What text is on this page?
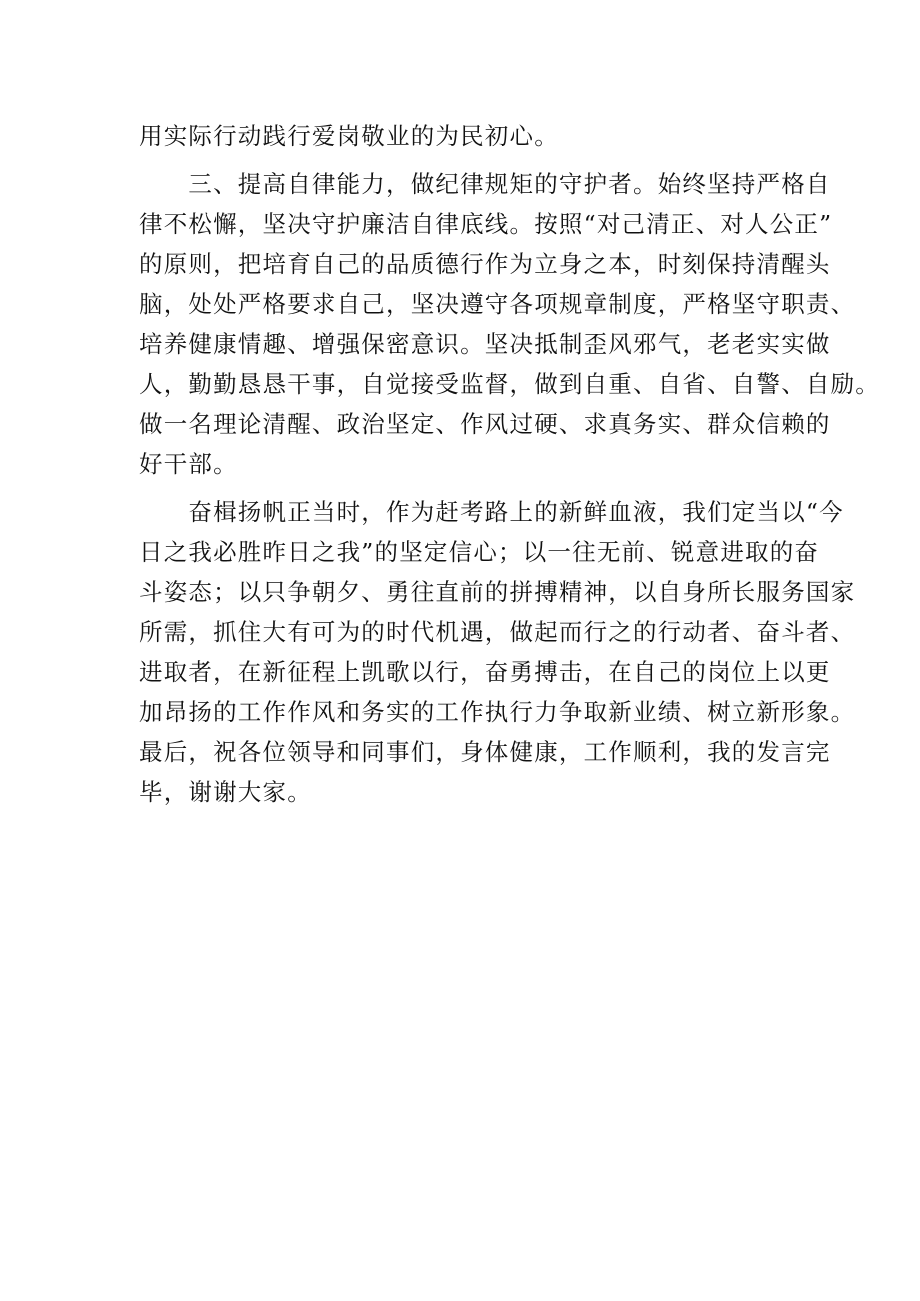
用实际行动践行爱岗敬业的为民初心。
　　三、提高自律能力，做纪律规矩的守护者。始终坚持严格自
律不松懈，坚决守护廉洁自律底线。按照“对己清正、对人公正”
的原则，把培育自己的品质德行作为立身之本，时刻保持清醒头
脑，处处严格要求自己，坚决遵守各项规章制度，严格坚守职责、
培养健康情趣、增强保密意识。坚决抵制歪风邪气，老老实实做
人，勤勤恳恳干事，自觉接受监督，做到自重、自省、自警、自励。
做一名理论清醒、政治坚定、作风过硬、求真务实、群众信赖的
好干部。
　　奋楫扬帆正当时，作为赶考路上的新鲜血液，我们定当以“今
日之我必胜昨日之我”的坚定信心；以一往无前、锐意进取的奋
斗姿态；以只争朝夕、勇往直前的拼搏精神，以自身所长服务国家
所需，抓住大有可为的时代机遇，做起而行之的行动者、奋斗者、
进取者，在新征程上凯歌以行，奋勇搏击，在自己的岗位上以更
加昂扬的工作作风和务实的工作执行力争取新业绩、树立新形象。
最后，祝各位领导和同事们，身体健康，工作顺利，我的发言完
毕，谢谢大家。
